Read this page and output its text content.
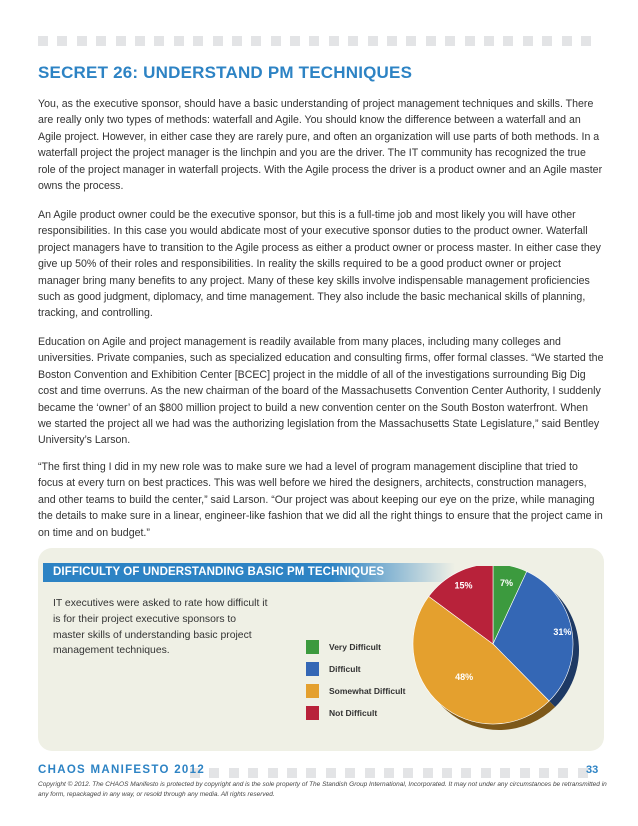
SECRET 26: UNDERSTAND PM TECHNIQUES

You, as the executive sponsor, should have a basic understanding of project management techniques and skills. There are really only two types of methods: waterfall and Agile. You should know the difference between a waterfall and an Agile project. However, in either case they are rarely pure, and often an organization will use parts of both methods. In a waterfall project the project manager is the linchpin and you are the driver. The IT community has recognized the true role of the project manager in waterfall projects. With the Agile process the driver is a product owner and an Agile master owns the process.

An Agile product owner could be the executive sponsor, but this is a full-time job and most likely you will have other responsibilities. In this case you would abdicate most of your executive sponsor duties to the product owner. Waterfall project managers have to transition to the Agile process as either a product owner or process master. In either case they give up 50% of their roles and responsibilities. In reality the skills required to be a good product owner or project manager bring many benefits to any project. Many of these key skills involve indispensable management proficiencies such as good judgment, diplomacy, and time management. They also include the basic mechanical skills of planning, tracking, and controlling.

Education on Agile and project management is readily available from many places, including many colleges and universities. Private companies, such as specialized education and consulting firms, offer formal classes. “We started the Boston Convention and Exhibition Center [BCEC] project in the middle of all of the investigations surrounding Big Dig cost and time overruns. As the new chairman of the board of the Massachusetts Convention Center Authority, I suddenly became the ‘owner’ of an $800 million project to build a new convention center on the South Boston waterfront. When we started the project all we had was the authorizing legislation from the Massachusetts State Legislature,” said Bentley University’s Larson.

“The first thing I did in my new role was to make sure we had a level of program management discipline that tried to focus at every turn on best practices. This was well before we hired the designers, architects, construction managers, and other teams to build the center,” said Larson. “Our project was about keeping our eye on the prize, while managing the details to make sure in a linear, engineer-like fashion that we did all the right things to ensure that the project came in on time and on budget.”

DIFFICULTY OF UNDERSTANDING BASIC PM TECHNIQUES
IT executives were asked to rate how difficult it is for their project executive sponsors to master skills of understanding basic project management techniques.	Very Difficult
Difficult
Somewhat Difficult
Not Difficult
7%
31%
48%
15%
CHAOS MANIFESTO 2012	33

Copyright © 2012. The CHAOS Manifesto is protected by copyright and is the sole property of The Standish Group International, Incorporated. It may not under any circumstances be retransmitted in any form, repackaged in any way, or resold through any media. All rights reserved.
